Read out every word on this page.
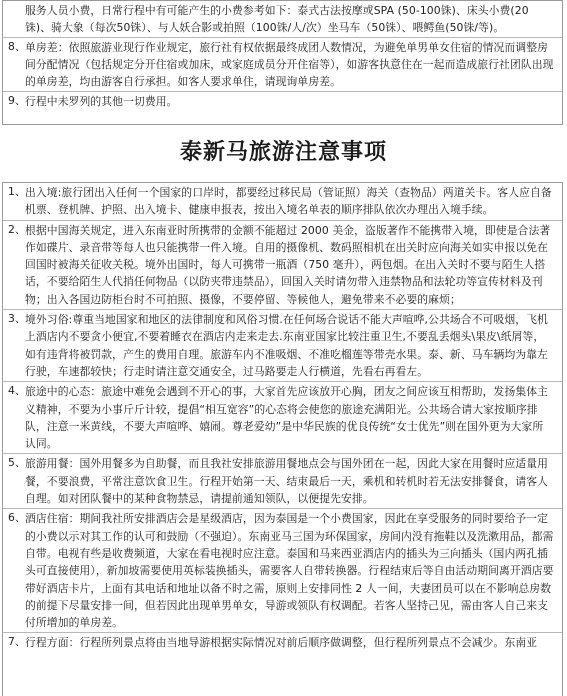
服务人员小费，日常行程中有可能产生的小费参考如下：泰式古法按摩或SPA (50-100铢)、床头小费(20铢)、骑大象（每次50铢）、与人妖合影或拍照（100铢/人/次）坐马车（50铢）、喂鳄鱼(50铢/等)。
8、 单房差：依照旅游业现行作业规定，旅行社有权依据最终成团人数情况，为避免单男单女住宿的情况而调整房间分配情况（包括规定分开住宿或加床，或家庭成员分开住宿等），如游客执意住在一起而造成旅行社团队出现的单房差，均由游客自行承担。如客人要求单住，请现询单房差。
9、 行程中未罗列的其他一切费用。
泰新马旅游注意事项
1、 出入境:旅行团出入任何一个国家的口岸时，都要经过移民局（管证照）海关（查物品）两道关卡。客人应自备机票、登机牌、护照、出入境卡、健康申报表，按出入境名单表的顺序排队依次办理出入境手续。
2、 根据中国海关规定，进入东南亚时所携带的金额不能超过 2000 美金，盗版著作不能携带入境，即使是合法著作如碟片、录音带等每人也只能携带一件入境。自用的摄像机、数码照相机在出关时应向海关如实申报以免在回国时被海关征收关税。境外出国时，每人可携带一瓶酒（750 毫升），两包烟。在出入关时不要与陌生人搭话，不要给陌生人代捎任何物品（以防夹带违禁品），回国入关时请勿带入违禁物品和法轮功等宣传材料及刊物；出入各国边防柜台时不可拍照、摄像，不要停留、等候他人，避免带来不必要的麻烦；
3、 境外习俗:尊重当地国家和地区的法律制度和风俗习惯.在任何场合说话不能大声喧哗,公共场合不可吸烟，飞机上酒店内不要贪小便宜,不要着睡衣在酒店内走来走去.东南亚国家比较注重卫生,不要乱丢烟头\果皮\纸屑等，如有违背将被罚款，产生的费用自理。旅游车内不准吸烟、不准吃榴莲等带壳水果。泰、新、马车辆均为靠左行驶，车速都较快；行走时请注意交通安全，过马路要走人行横道，先看右再看左。
4、 旅途中的心态：旅途中难免会遇到不开心的事，大家首先应该放开心胸，团友之间应该互相帮助，发扬集体主义精神，不要为小事斤斤计较，提倡“相互宽容”的心态将会使您的旅途充满阳光。公共场合请大家按顺序排队，注意一米黄线，不要大声喧哗、嬉闹。尊老爱幼”是中华民族的优良传统“女士优先”则在国外更为大家所认同。
5、 旅游用餐：国外用餐多为自助餐，而且我社安排旅游用餐地点会与国外团在一起，因此大家在用餐时应适量用餐，不要浪费，平常注意饮食卫生。行程开始第一天、结束最后一天，乘机和转机时若无法安排餐食，请客人自理。如对团队餐中的某种食物禁忌，请提前通知领队，以便提先安排。
6、 酒店住宿：期间我社所安排酒店会是星级酒店，因为泰国是一个小费国家，因此在享受服务的同时要给予一定的小费以示对其工作的认可和鼓励（不强迫）。东南亚马三国为环保国家，房间内没有拖鞋以及洗漱用品，都需自带。电视有些是收费频道，大家在看电视时应注意。泰国和马来西亚酒店内的插头为三向插头（国内两孔插头可直接使用），新加坡需要使用英标装换插头，需要客人自带转换器。行程结束后等自由活动期间离开酒店要带好酒店卡片，上面有其电话和地址以备不时之需，原则上安排同性 2 人一间，夫妻团员可以在不影响总房数的前提下尽量安排一间，但若因此出现单男单女，导游或领队有权调配。若客人坚持己见，需由客人自己来支付所增加的单房差。
7、 行程方面：行程所列景点将由当地导游根据实际情况对前后顺序做调整，但行程所列景点不会减少。东南亚
